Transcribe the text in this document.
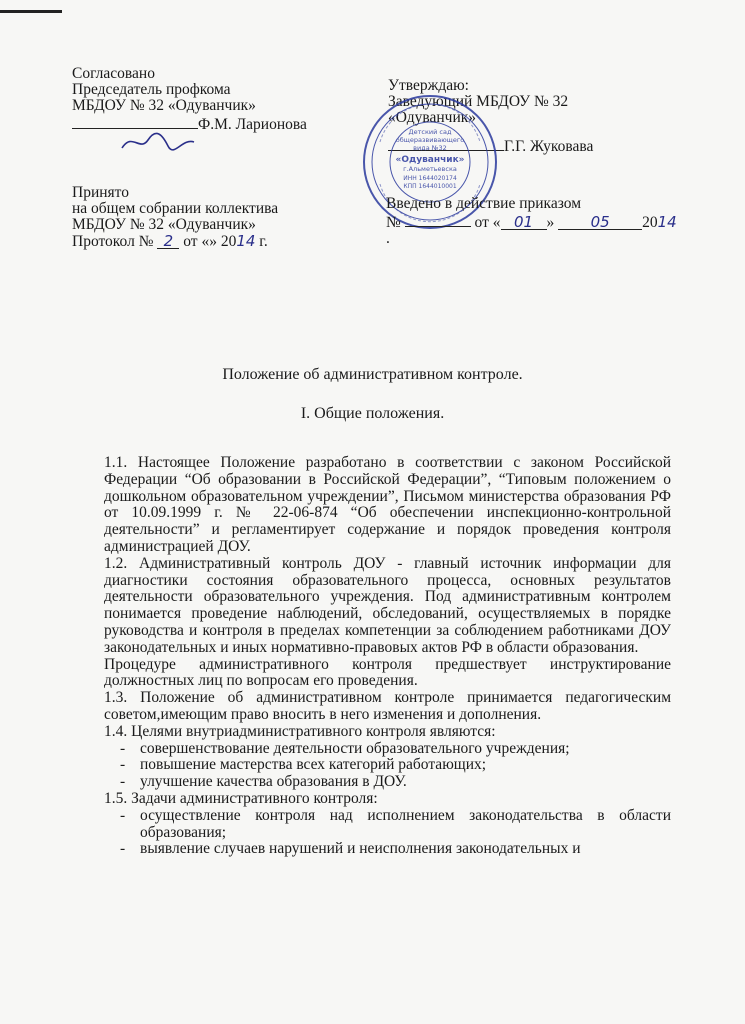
Согласовано
Председатель профкома
МБДОУ № 32 «Одуванчик»
Ф.М. Ларионова
Утверждаю:
Заведующий МБДОУ № 32
«Одуванчик»
Г.Г. Жуковава
Детский сад
общеразвивающего
вида №32
«Одуванчик»
г.Альметьевска
ИНН 1644020174
КПП 1644010001
Принято
на общем собрании коллектива
МБДОУ № 32 «Одуванчик»
Протокол № 2 от «» 2014 г.
Введено в действие приказом
№	от « 01 » 05 2014
.
Положение об административном контроле.
I. Общие положения.

1.1. Настоящее Положение разработано в соответствии с законом Российской Федерации “Об образовании в Российской Федерации”, “Типовым положением о дошкольном образовательном учреждении”, Письмом министерства образования РФ от 10.09.1999 г. № 22-06-874 “Об обеспечении инспекционно-контрольной деятельности” и регламентирует содержание и порядок проведения контроля администрацией ДОУ.

1.2. Административный контроль ДОУ - главный источник информации для диагностики состояния образовательного процесса, основных результатов деятельности образовательного учреждения. Под административным контролем понимается проведение наблюдений, обследований, осуществляемых в порядке руководства и контроля в пределах компетенции за соблюдением работниками ДОУ законодательных и иных нормативно-правовых актов РФ в области образования.

Процедуре административного контроля предшествует инструктирование должностных лиц по вопросам его проведения.

1.3. Положение об административном контроле принимается педагогическим советом,имеющим право вносить в него изменения и дополнения.

1.4. Целями внутриадминистративного контроля являются:

- совершенствование деятельности образовательного учреждения;
- повышение мастерства всех категорий работающих;
- улучшение качества образования в ДОУ.

1.5. Задачи административного контроля:

- осуществление контроля над исполнением законодательства в области образования;
- выявление случаев нарушений и неисполнения законодательных и
